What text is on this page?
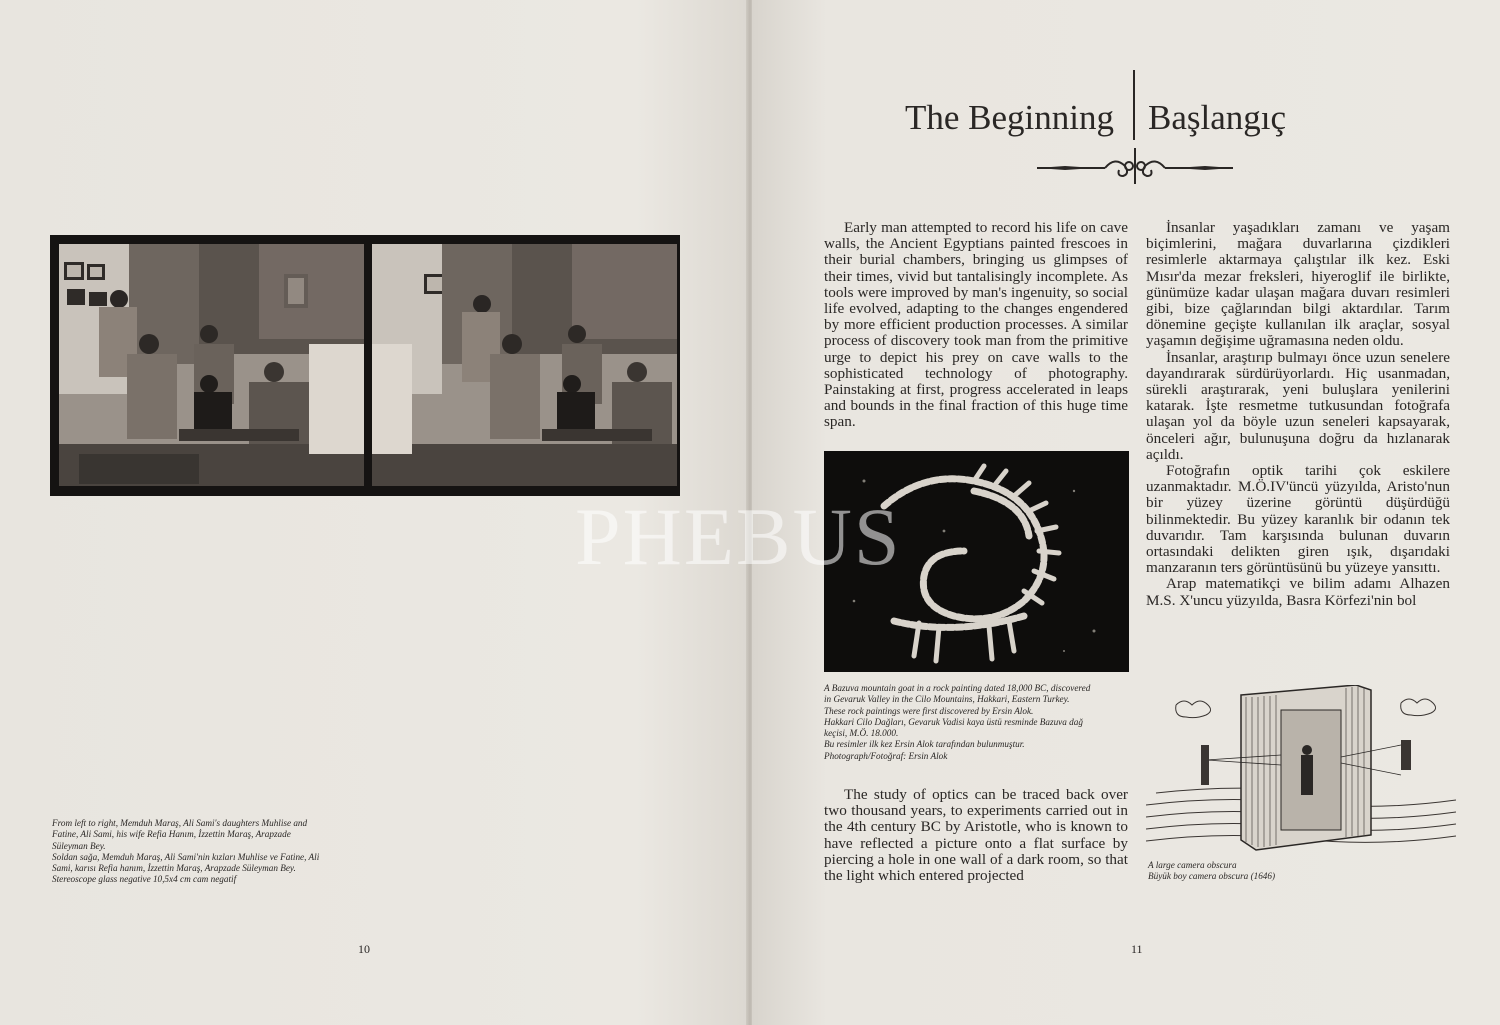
From left to right, Memduh Maraş, Ali Sami's daughters Muhlise and
Fatine, Ali Sami, his wife Refia Hanım, İzzettin Maraş, Arapzade
Süleyman Bey.
Soldan sağa, Memduh Maraş, Ali Sami'nin kızları Muhlise ve Fatine, Ali
Sami, karısı Refia hanım, İzzettin Maraş, Arapzade Süleyman Bey.
Stereoscope glass negative 10,5x4 cm cam negatif
10
The Beginning Başlangıç

Early man attempted to record his life on cave walls, the Ancient Egyptians painted frescoes in their burial chambers, bringing us glimpses of their times, vivid but tantalisingly incomplete. As tools were improved by man's ingenuity, so social life evolved, adapting to the changes engendered by more efficient production processes. A similar process of discovery took man from the primitive urge to depict his prey on cave walls to the sophisticated technology of photography. Painstaking at first, progress accelerated in leaps and bounds in the final fraction of this huge time span.

A Bazuva mountain goat in a rock painting dated 18,000 BC, discovered
in Gevaruk Valley in the Cilo Mountains, Hakkari, Eastern Turkey.
These rock paintings were first discovered by Ersin Alok.
Hakkari Cilo Dağları, Gevaruk Vadisi kaya üstü resminde Bazuva dağ
keçisi, M.Ö. 18.000.
Bu resimler ilk kez Ersin Alok tarafından bulunmuştur.
Photograph/Fotoğraf: Ersin Alok

The study of optics can be traced back over two thousand years, to experiments carried out in the 4th century BC by Aristotle, who is known to have reflected a picture onto a flat surface by piercing a hole in one wall of a dark room, so that the light which entered projected

İnsanlar yaşadıkları zamanı ve yaşam biçimlerini, mağara duvarlarına çizdikleri resimlerle aktarmaya çalıştılar ilk kez. Eski Mısır'da mezar freksleri, hiyeroglif ile birlikte, günümüze kadar ulaşan mağara duvarı resimleri gibi, bize çağlarından bilgi aktardılar. Tarım dönemine geçişte kullanılan ilk araçlar, sosyal yaşamın değişime uğramasına neden oldu.

İnsanlar, araştırıp bulmayı önce uzun senelere dayandırarak sürdürüyorlardı. Hiç usanmadan, sürekli araştırarak, yeni buluşlara yenilerini katarak. İşte resmetme tutkusundan fotoğrafa ulaşan yol da böyle uzun seneleri kapsayarak, önceleri ağır, bulunuşuna doğru da hızlanarak açıldı.

Fotoğrafın optik tarihi çok eskilere uzanmaktadır. M.Ö.IV'üncü yüzyılda, Aristo'nun bir yüzey üzerine görüntü düşürdüğü bilinmektedir. Bu yüzey karanlık bir odanın tek duvarıdır. Tam karşısında bulunan duvarın ortasındaki delikten giren ışık, dışarıdaki manzaranın ters görüntüsünü bu yüzeye yansıttı.

Arap matematikçi ve bilim adamı Alhazen M.S. X'uncu yüzyılda, Basra Körfezi'nin bol

A large camera obscura
Büyük boy camera obscura (1646)
11
PHEBUS
